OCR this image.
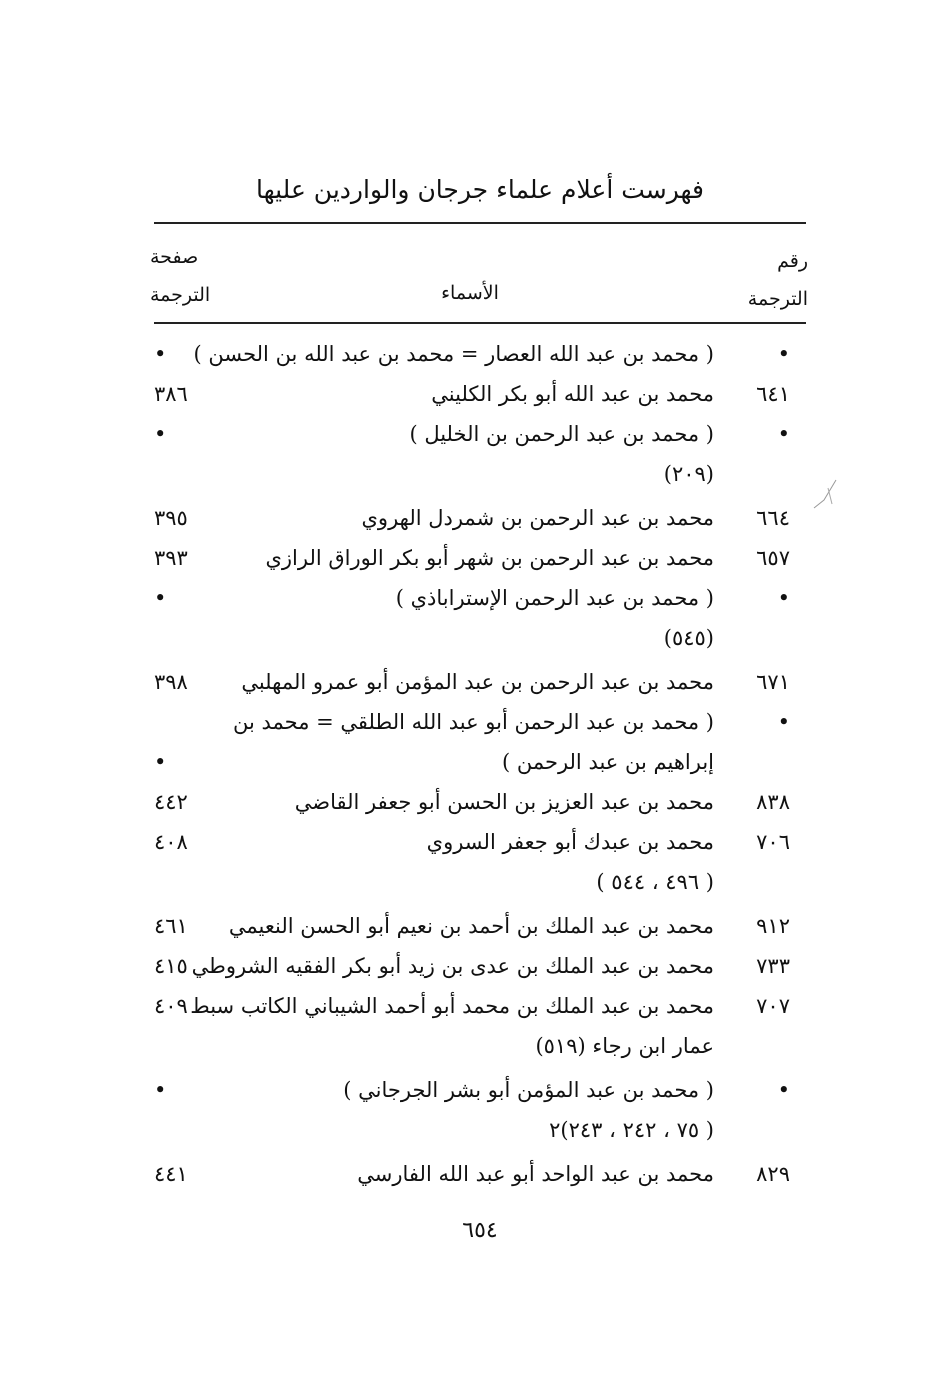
فهرست أعلام علماء جرجان والواردين عليها
رقم
الترجمة
الأسماء
صفحة
الترجمة
•
( محمد بن عبد الله العصار = محمد بن عبد الله بن الحسن )
•
٦٤١
محمد بن عبد الله أبو بكر الكليني
٣٨٦
•
( محمد بن عبد الرحمن بن الخليل )
•
(٢٠٩)
٦٦٤
محمد بن عبد الرحمن بن شمردل الهروي
٣٩٥
٦٥٧
محمد بن عبد الرحمن بن شهر أبو بكر الوراق الرازي
٣٩٣
•
( محمد بن عبد الرحمن الإستراباذي )
•
(٥٤٥)
٦٧١
محمد بن عبد الرحمن بن عبد المؤمن أبو عمرو المهلبي
٣٩٨
•
( محمد بن عبد الرحمن أبو عبد الله الطلقي = محمد بن
إبراهيم بن عبد الرحمن )
•
٨٣٨
محمد بن عبد العزيز بن الحسن أبو جعفر القاضي
٤٤٢
٧٠٦
محمد بن عبدك أبو جعفر السروي
٤٠٨
( ٤٩٦ ، ٥٤٤ )
٩١٢
محمد بن عبد الملك بن أحمد بن نعيم أبو الحسن النعيمي
٤٦١
٧٣٣
محمد بن عبد الملك بن عدى بن زيد أبو بكر الفقيه الشروطي
٤١٥
٧٠٧
محمد بن عبد الملك بن محمد أبو أحمد الشيباني الكاتب سبط
٤٠٩
عمار ابن رجاء (٥١٩)
•
( محمد بن عبد المؤمن أبو بشر الجرجاني )
•
( ٧٥ ، ٢٤٢ ، ٢٤٣)٢
٨٢٩
محمد بن عبد الواحد أبو عبد الله الفارسي
٤٤١
٦٥٤
